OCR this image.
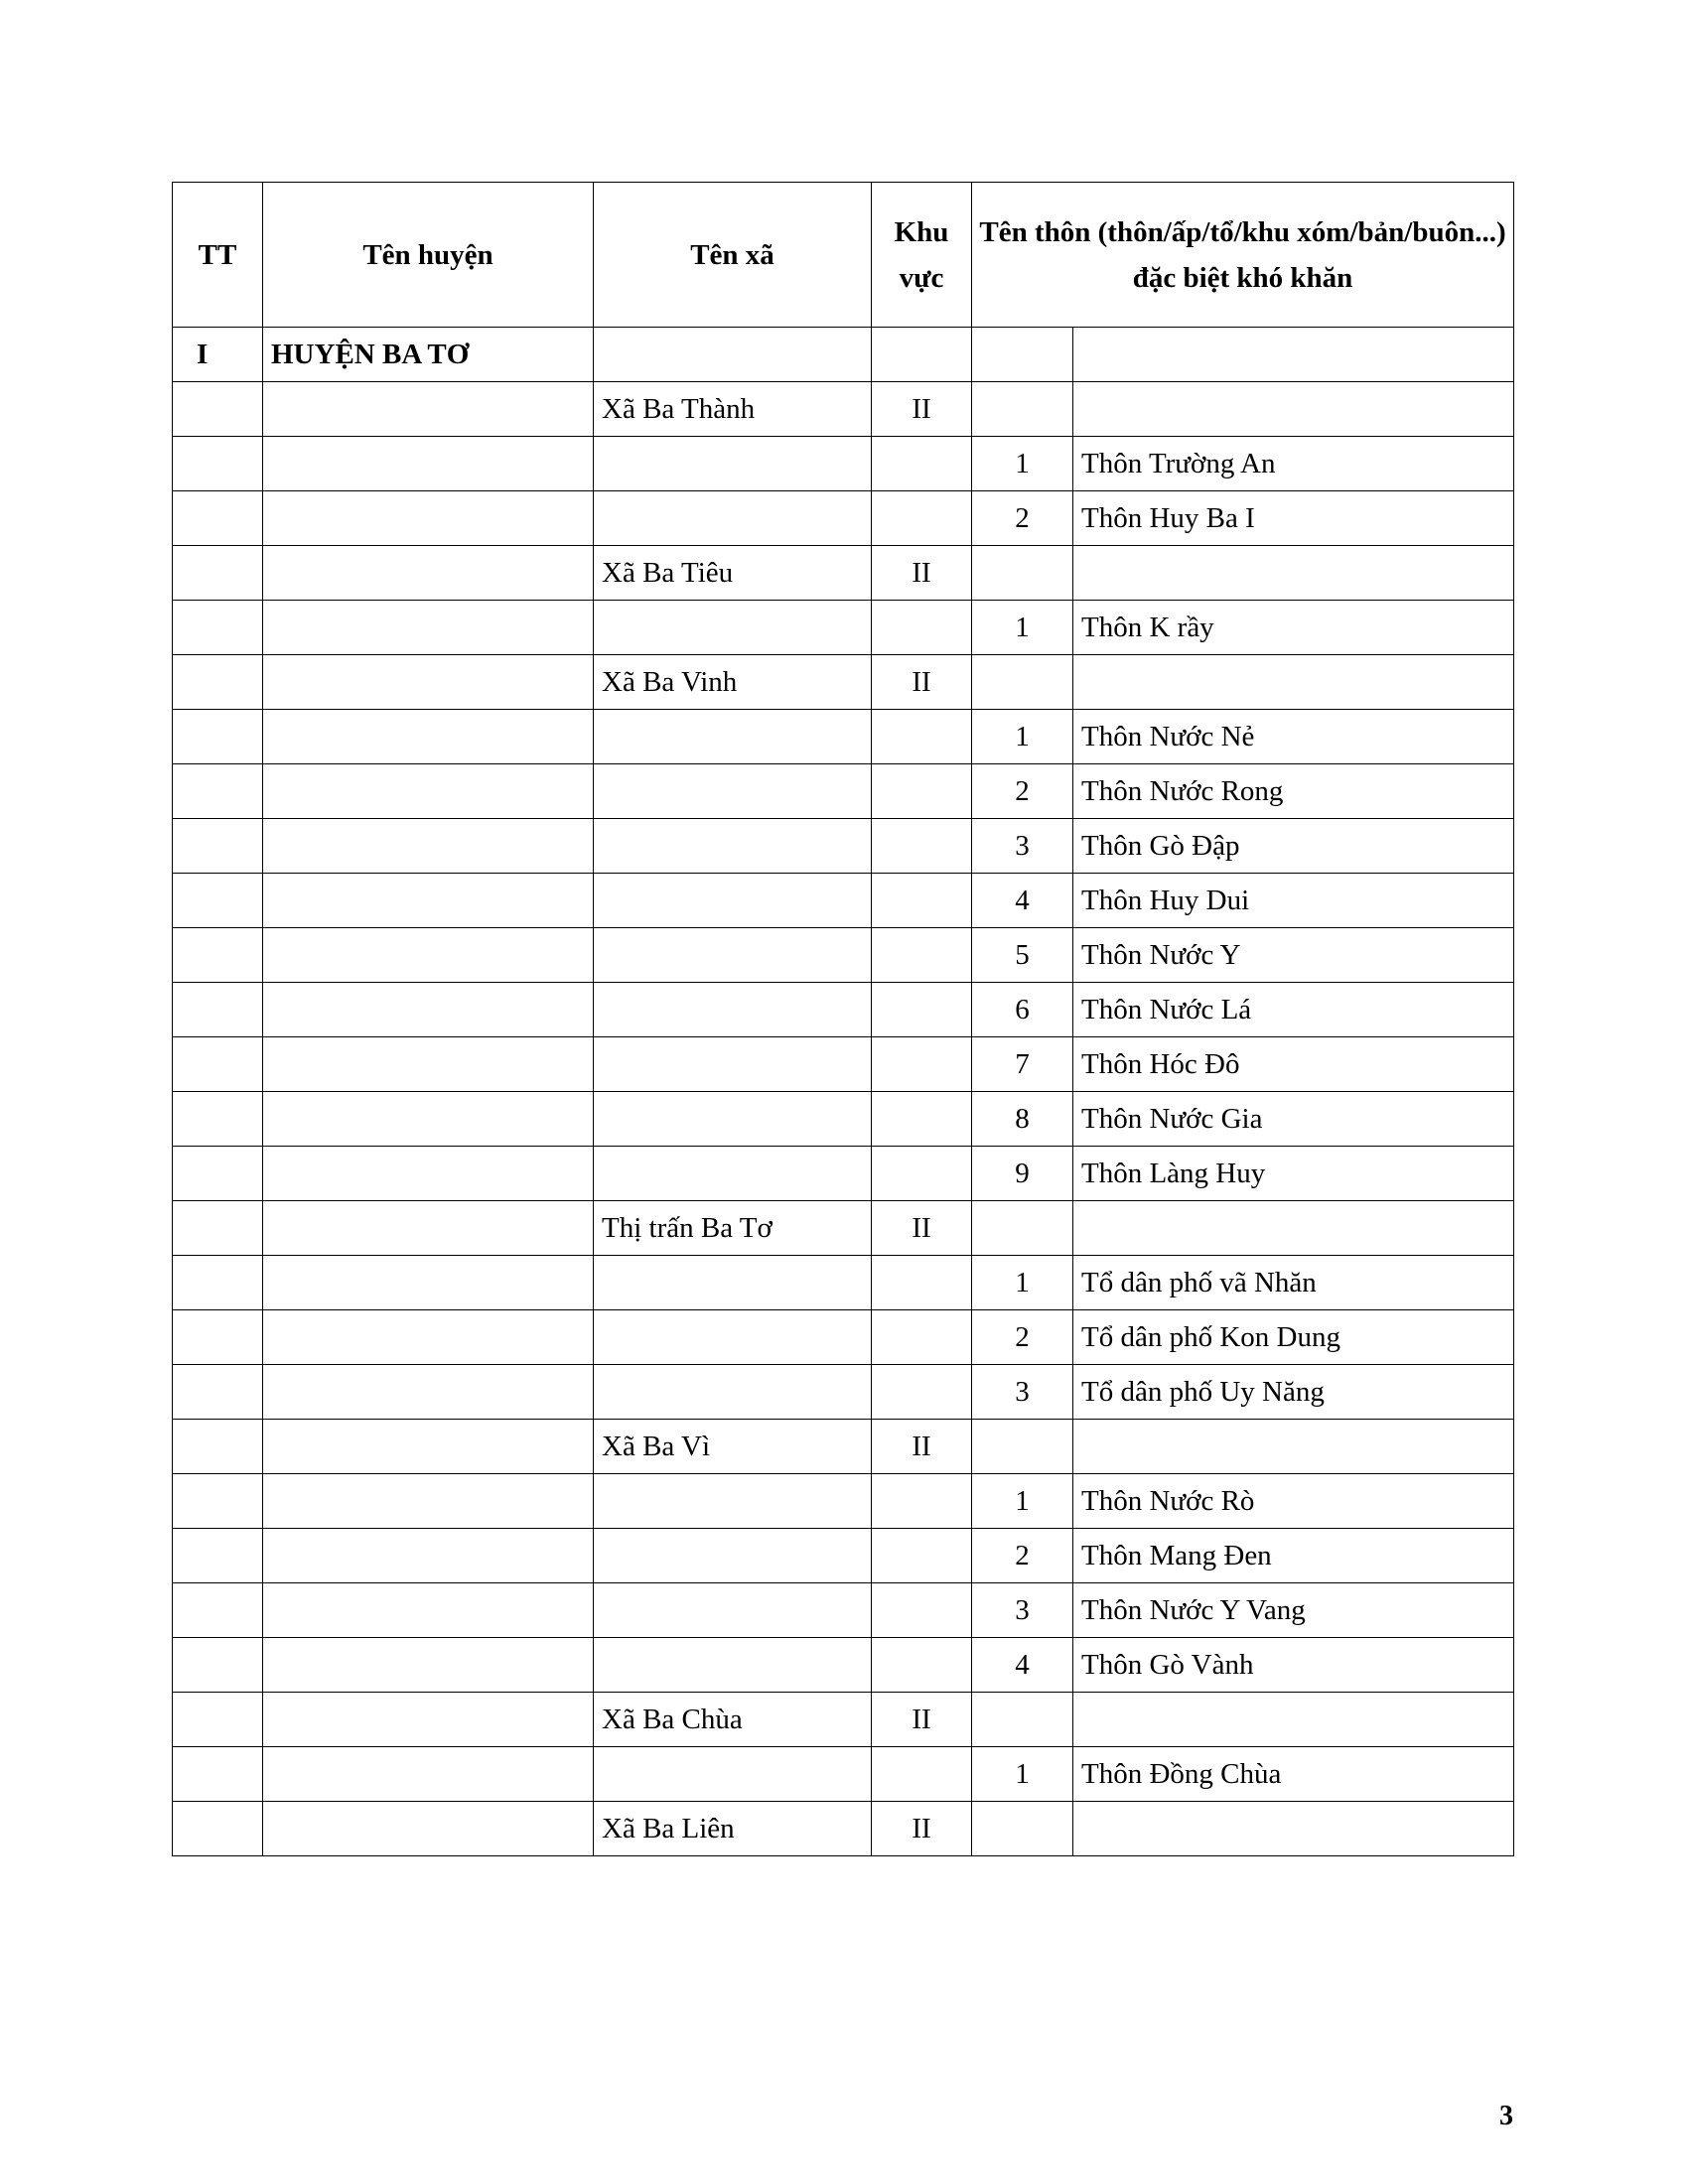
TT	Tên huyện	Tên xã	Khu vực	Tên thôn (thôn/ấp/tổ/khu xóm/bản/buôn...) đặc biệt khó khăn	
I	HUYỆN BA TƠ				
		Xã Ba Thành	II		
				1	Thôn Trường An
				2	Thôn Huy Ba I
		Xã Ba Tiêu	II		
				1	Thôn K rầy
		Xã Ba Vinh	II		
				1	Thôn Nước Nẻ
				2	Thôn Nước Rong
				3	Thôn Gò Đập
				4	Thôn Huy Dui
				5	Thôn Nước Y
				6	Thôn Nước Lá
				7	Thôn Hóc Đô
				8	Thôn Nước Gia
				9	Thôn Làng Huy
		Thị trấn Ba Tơ	II		
				1	Tổ dân phố vã Nhăn
				2	Tổ dân phố Kon Dung
				3	Tổ dân phố Uy Năng
		Xã Ba Vì	II		
				1	Thôn Nước Rò
				2	Thôn Mang Đen
				3	Thôn Nước Y Vang
				4	Thôn Gò Vành
		Xã Ba Chùa	II		
				1	Thôn Đồng Chùa
		Xã Ba Liên	II		
3
